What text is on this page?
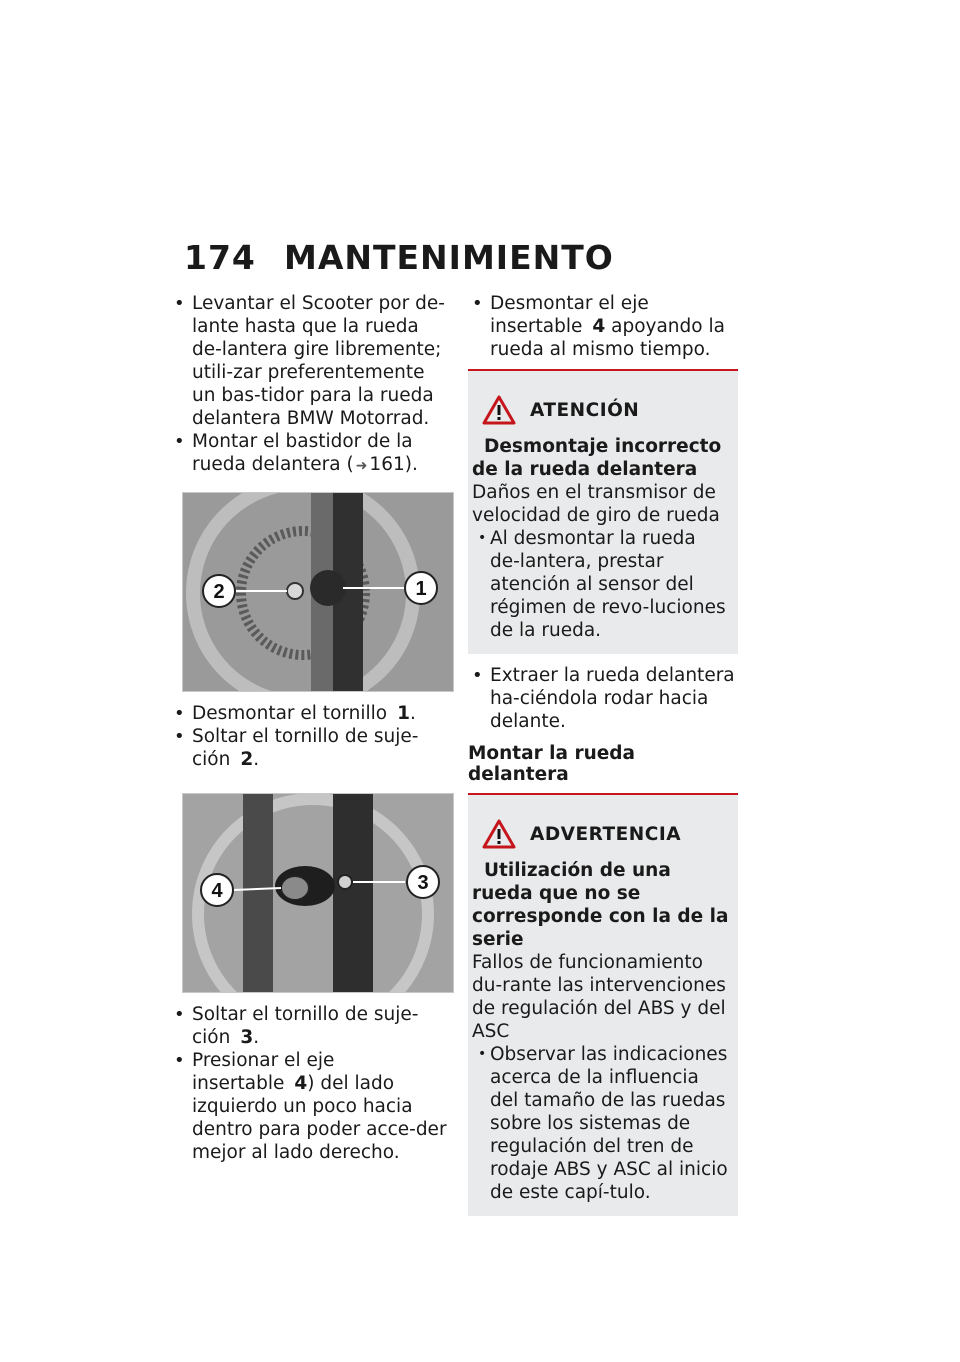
174 MANTENIMIENTO
• Levantar el Scooter por de-lante hasta que la rueda de-lantera gire libremente; utili-zar preferentemente un bas-tidor para la rueda delantera BMW Motorrad.
• Montar el bastidor de la rueda delantera ( ➜ 161).
2	1
• Desmontar el tornillo 1.
• Soltar el tornillo de suje-ción 2.
4	3
• Soltar el tornillo de suje-ción 3.
• Presionar el eje insertable 4) del lado izquierdo un poco hacia dentro para poder acce-der mejor al lado derecho.
• Desmontar el eje insertable 4 apoyando la rueda al mismo tiempo.
ATENCIÓN
Desmontaje incorrecto de la rueda delantera
Daños en el transmisor de velocidad de giro de rueda
• Al desmontar la rueda de-lantera, prestar atención al sensor del régimen de revo-luciones de la rueda.
• Extraer la rueda delantera ha-ciéndola rodar hacia delante.
Montar la rueda delantera
ADVERTENCIA
Utilización de una rueda que no se corresponde con la de la serie
Fallos de funcionamiento du-rante las intervenciones de regulación del ABS y del ASC
• Observar las indicaciones acerca de la influencia del tamaño de las ruedas sobre los sistemas de regulación del tren de rodaje ABS y ASC al inicio de este capí-tulo.
